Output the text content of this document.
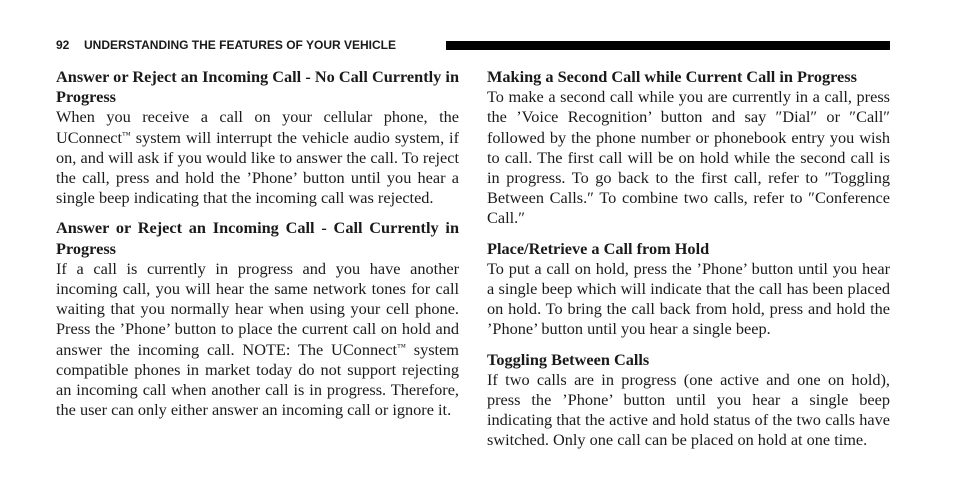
92 UNDERSTANDING THE FEATURES OF YOUR VEHICLE

Answer or Reject an Incoming Call - No Call Currently in Progress

When you receive a call on your cellular phone, the UConnect™ system will interrupt the vehicle audio system, if on, and will ask if you would like to answer the call. To reject the call, press and hold the ’Phone’ button until you hear a single beep indicating that the incoming call was rejected.

Answer or Reject an Incoming Call - Call Currently in Progress

If a call is currently in progress and you have another incoming call, you will hear the same network tones for call waiting that you normally hear when using your cell phone. Press the ’Phone’ button to place the current call on hold and answer the incoming call. NOTE: The UConnect™ system compatible phones in market today do not support rejecting an incoming call when another call is in progress. Therefore, the user can only either answer an incoming call or ignore it.

Making a Second Call while Current Call in Progress

To make a second call while you are currently in a call, press the ’Voice Recognition’ button and say ″Dial″ or ″Call″ followed by the phone number or phonebook entry you wish to call. The first call will be on hold while the second call is in progress. To go back to the first call, refer to ″Toggling Between Calls.″ To combine two calls, refer to ″Conference Call.″

Place/Retrieve a Call from Hold

To put a call on hold, press the ’Phone’ button until you hear a single beep which will indicate that the call has been placed on hold. To bring the call back from hold, press and hold the ’Phone’ button until you hear a single beep.

Toggling Between Calls

If two calls are in progress (one active and one on hold), press the ’Phone’ button until you hear a single beep indicating that the active and hold status of the two calls have switched. Only one call can be placed on hold at one time.
